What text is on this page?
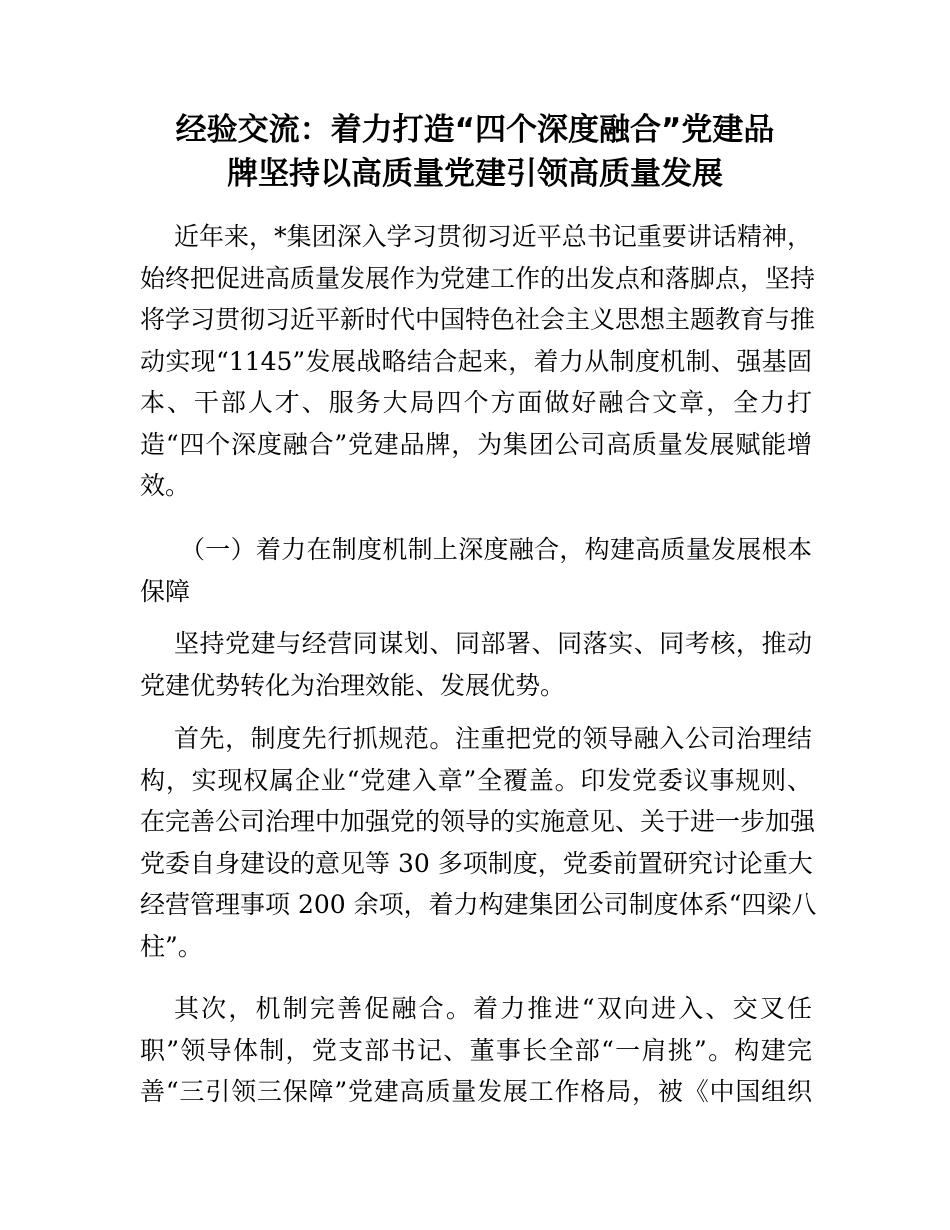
经验交流：着力打造“四个深度融合”党建品
牌坚持以高质量党建引领高质量发展
近年来，*集团深入学习贯彻习近平总书记重要讲话精神，
始终把促进高质量发展作为党建工作的出发点和落脚点，坚持
将学习贯彻习近平新时代中国特色社会主义思想主题教育与推
动实现“1145”发展战略结合起来，着力从制度机制、强基固
本、干部人才、服务大局四个方面做好融合文章，全力打
造“四个深度融合”党建品牌，为集团公司高质量发展赋能增
效。
（一）着力在制度机制上深度融合，构建高质量发展根本
保障
坚持党建与经营同谋划、同部署、同落实、同考核，推动
党建优势转化为治理效能、发展优势。
首先，制度先行抓规范。注重把党的领导融入公司治理结
构，实现权属企业“党建入章”全覆盖。印发党委议事规则、
在完善公司治理中加强党的领导的实施意见、关于进一步加强
党委自身建设的意见等 30 多项制度，党委前置研究讨论重大
经营管理事项 200 余项，着力构建集团公司制度体系“四梁八
柱”。
其次，机制完善促融合。着力推进“双向进入、交叉任
职”领导体制，党支部书记、董事长全部“一肩挑”。构建完
善“三引领三保障”党建高质量发展工作格局，被《中国组织
